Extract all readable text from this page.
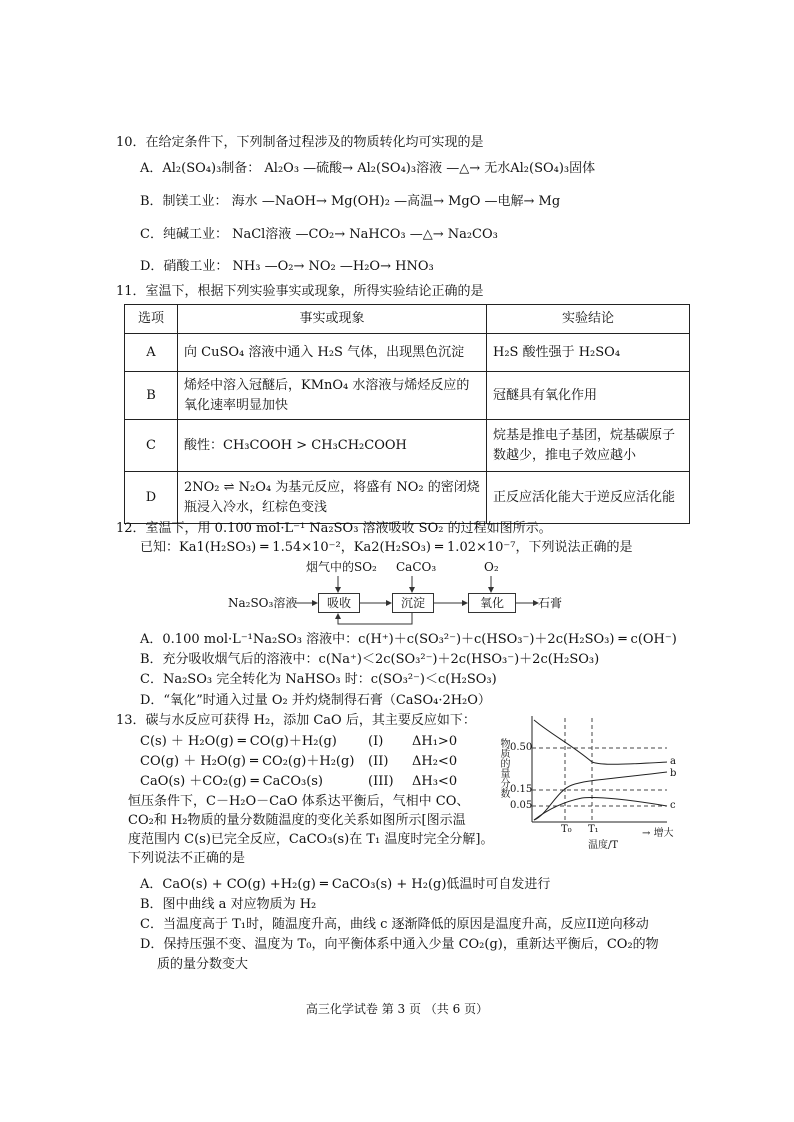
10．在给定条件下，下列制备过程涉及的物质转化均可实现的是
A．Al₂(SO₄)₃制备： Al₂O₃ —硫酸→ Al₂(SO₄)₃溶液 —△→ 无水Al₂(SO₄)₃固体
B．制镁工业： 海水 —NaOH→ Mg(OH)₂ —高温→ MgO —电解→ Mg
C．纯碱工业： NaCl溶液 —CO₂→ NaHCO₃ —△→ Na₂CO₃
D．硝酸工业： NH₃ —O₂→ NO₂ —H₂O→ HNO₃
11．室温下，根据下列实验事实或现象，所得实验结论正确的是
选项	事实或现象	实验结论
A	向 CuSO₄ 溶液中通入 H₂S 气体，出现黑色沉淀	H₂S 酸性强于 H₂SO₄
B	烯烃中溶入冠醚后，KMnO₄ 水溶液与烯烃反应的氧化速率明显加快	冠醚具有氧化作用
C	酸性：CH₃COOH > CH₃CH₂COOH	烷基是推电子基团，烷基碳原子数越少，推电子效应越小
D	2NO₂ ⇌ N₂O₄ 为基元反应，将盛有 NO₂ 的密闭烧瓶浸入冷水，红棕色变浅	正反应活化能大于逆反应活化能
12．室温下，用 0.100 mol·L⁻¹ Na₂SO₃ 溶液吸收 SO₂ 的过程如图所示。
已知：Ka1(H₂SO₃) ═ 1.54×10⁻²，Ka2(H₂SO₃) ═ 1.02×10⁻⁷，下列说法正确的是
Na₂SO₃溶液
烟气中的SO₂ CaCO₃	O₂
吸收	沉淀	氧化	石膏
A．0.100 mol·L⁻¹Na₂SO₃ 溶液中：c(H⁺)＋c(SO₃²⁻)＋c(HSO₃⁻)＋2c(H₂SO₃) ═ c(OH⁻)
B．充分吸收烟气后的溶液中：c(Na⁺)＜2c(SO₃²⁻)＋2c(HSO₃⁻)＋2c(H₂SO₃)
C．Na₂SO₃ 完全转化为 NaHSO₃ 时：c(SO₃²⁻)＜c(H₂SO₃)
D．“氧化”时通入过量 O₂ 并灼烧制得石膏（CaSO₄·2H₂O）
13．碳与水反应可获得 H₂，添加 CaO 后，其主要反应如下：
C(s) ＋ H₂O(g) ═ CO(g)＋H₂(g) (I) ΔH₁>0
CO(g) ＋ H₂O(g) ═ CO₂(g)＋H₂(g) (II) ΔH₂<0
CaO(s) ＋CO₂(g) ═ CaCO₃(s)	(III) ΔH₃<0
恒压条件下，C－H₂O－CaO 体系达平衡后，气相中 CO、
CO₂和 H₂物质的量分数随温度的变化关系如图所示[图示温
度范围内 C(s)已完全反应，CaCO₃(s)在 T₁ 温度时完全分解]。
下列说法不正确的是
物质的量分数 0.50
0.15
0.05
T₀ T₁
温度/T
→ 增大
a
b
c
A．CaO(s) + CO(g) +H₂(g) ═ CaCO₃(s) + H₂(g)低温时可自发进行
B．图中曲线 a 对应物质为 H₂
C．当温度高于 T₁时，随温度升高，曲线 c 逐渐降低的原因是温度升高，反应II逆向移动
D．保持压强不变、温度为 T₀，向平衡体系中通入少量 CO₂(g)，重新达平衡后，CO₂的物
质的量分数变大
高三化学试卷 第 3 页 （共 6 页）
